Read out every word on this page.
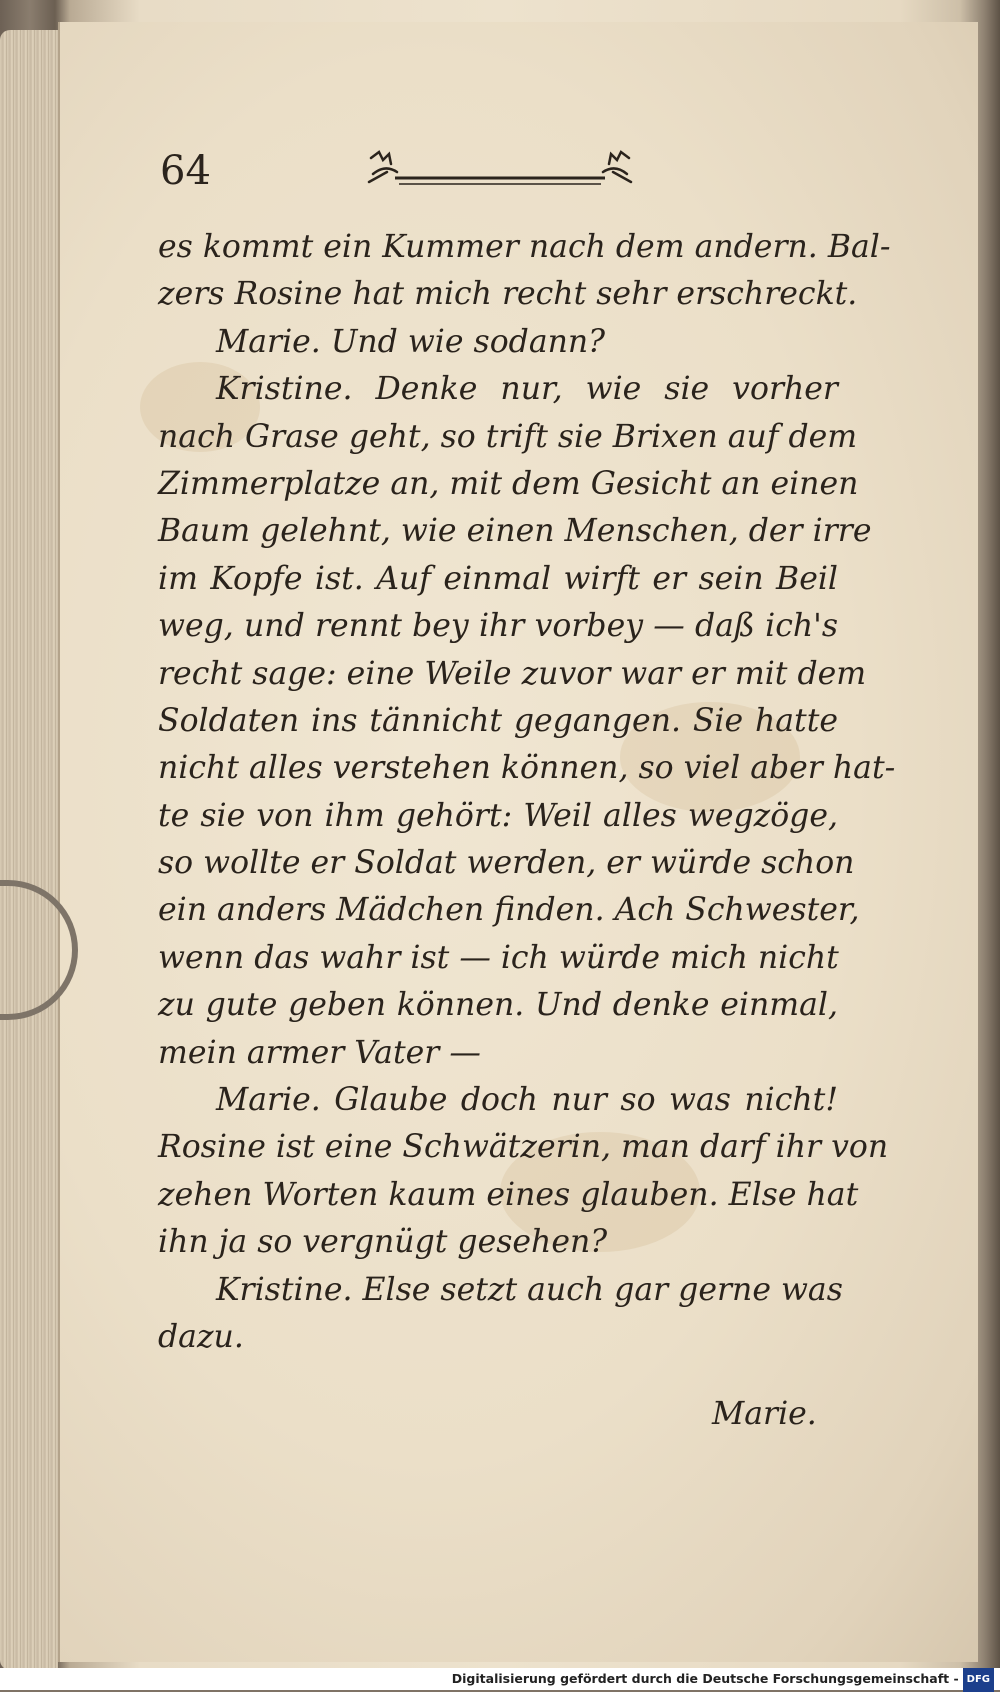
64
es kommt ein Kummer nach dem andern. Bal-
zers Rosine hat mich recht sehr erschreckt.
Marie. Und wie sodann?
Kristine. Denke nur, wie sie vorher
nach Grase geht, so trift sie Brixen auf dem
Zimmerplatze an, mit dem Gesicht an einen
Baum gelehnt, wie einen Menschen, der irre
im Kopfe ist. Auf einmal wirft er sein Beil
weg, und rennt bey ihr vorbey — daß ich's
recht sage: eine Weile zuvor war er mit dem
Soldaten ins tännicht gegangen. Sie hatte
nicht alles verstehen können, so viel aber hat-
te sie von ihm gehört: Weil alles wegzöge,
so wollte er Soldat werden, er würde schon
ein anders Mädchen finden. Ach Schwester,
wenn das wahr ist — ich würde mich nicht
zu gute geben können. Und denke einmal,
mein armer Vater —
Marie. Glaube doch nur so was nicht!
Rosine ist eine Schwätzerin, man darf ihr von
zehen Worten kaum eines glauben. Else hat
ihn ja so vergnügt gesehen?
Kristine. Else setzt auch gar gerne was
dazu.
Marie.
Digitalisierung gefördert durch die Deutsche Forschungsgemeinschaft - DFG
